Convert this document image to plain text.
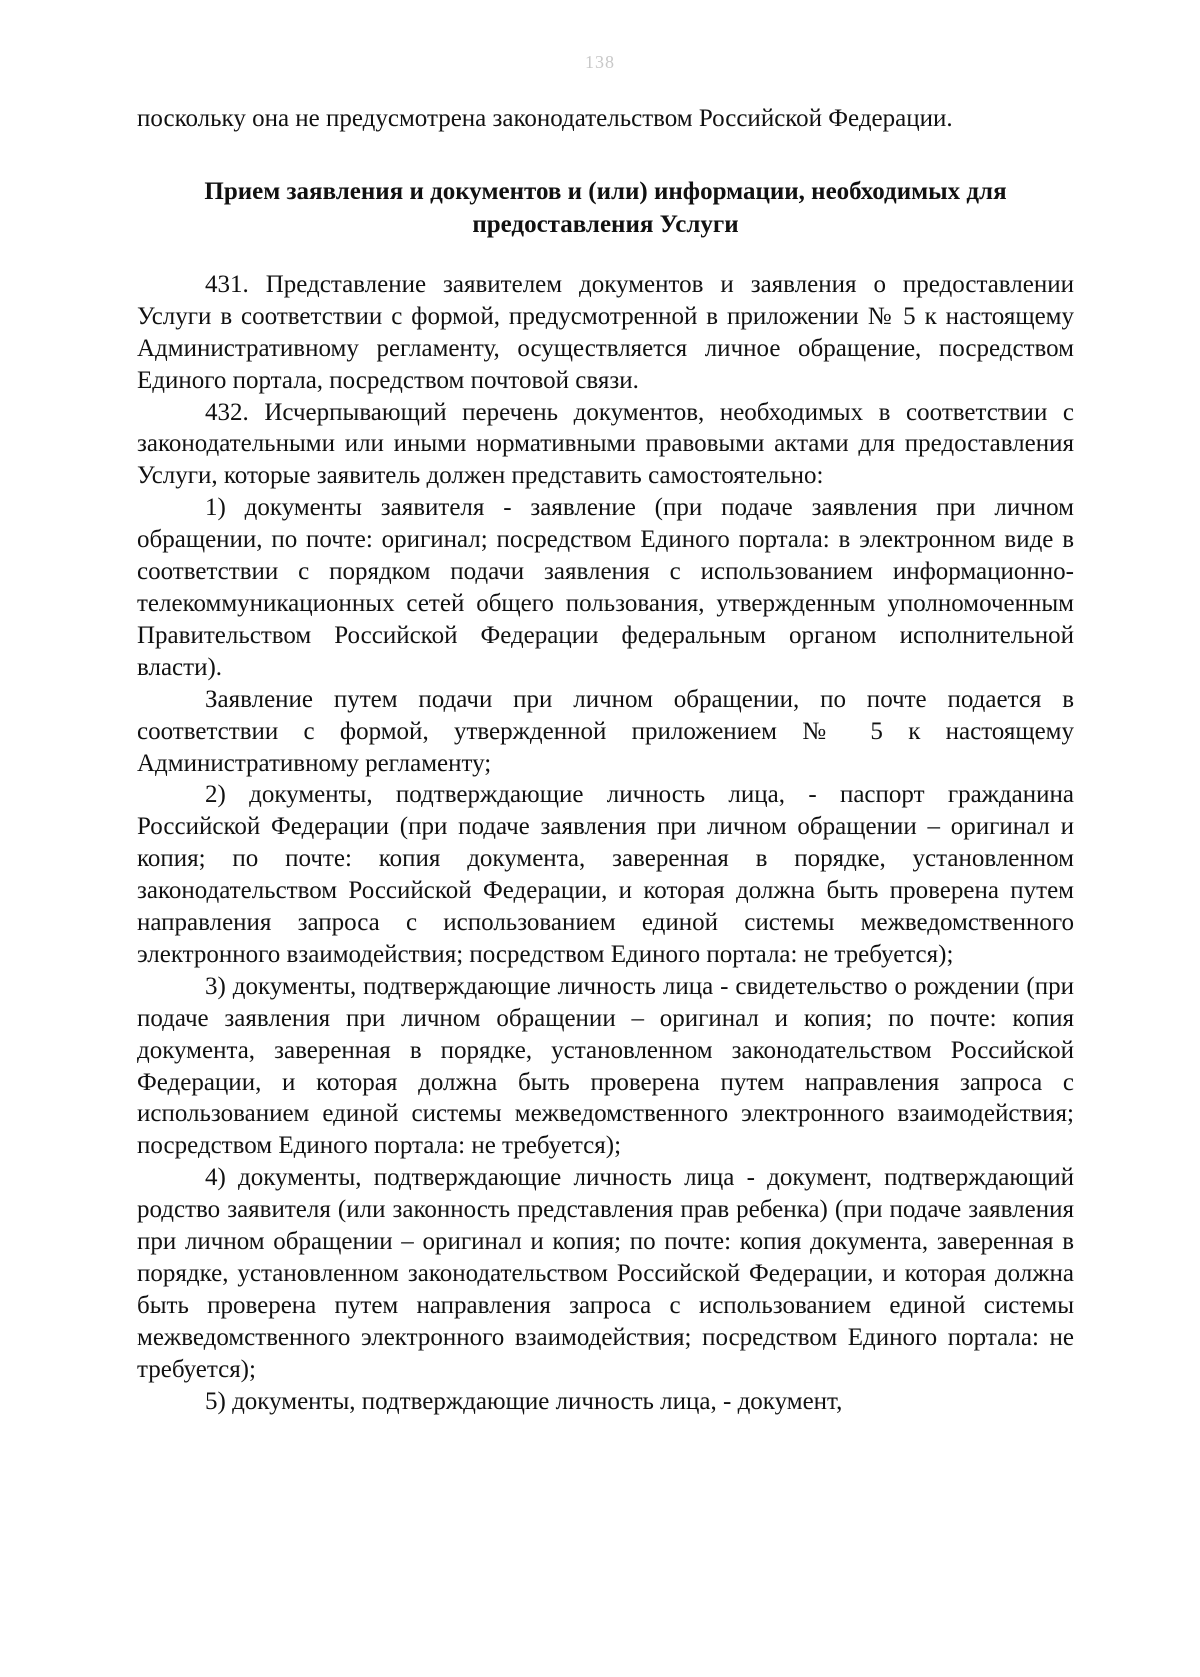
138

поскольку она не предусмотрена законодательством Российской Федерации.

Прием заявления и документов и (или) информации, необходимых для предоставления Услуги

431. Представление заявителем документов и заявления о предоставлении Услуги в соответствии с формой, предусмотренной в приложении № 5 к настоящему Административному регламенту, осуществляется личное обращение, посредством Единого портала, посредством почтовой связи.

432. Исчерпывающий перечень документов, необходимых в соответствии с законодательными или иными нормативными правовыми актами для предоставления Услуги, которые заявитель должен представить самостоятельно:

1) документы заявителя - заявление (при подаче заявления при личном обращении, по почте: оригинал; посредством Единого портала: в электронном виде в соответствии с порядком подачи заявления с использованием информационно-телекоммуникационных сетей общего пользования, утвержденным уполномоченным Правительством Российской Федерации федеральным органом исполнительной власти).

Заявление путем подачи при личном обращении, по почте подается в соответствии с формой, утвержденной приложением № 5 к настоящему Административному регламенту;

2) документы, подтверждающие личность лица, - паспорт гражданина Российской Федерации (при подаче заявления при личном обращении – оригинал и копия; по почте: копия документа, заверенная в порядке, установленном законодательством Российской Федерации, и которая должна быть проверена путем направления запроса с использованием единой системы межведомственного электронного взаимодействия; посредством Единого портала: не требуется);

3) документы, подтверждающие личность лица - свидетельство о рождении (при подаче заявления при личном обращении – оригинал и копия; по почте: копия документа, заверенная в порядке, установленном законодательством Российской Федерации, и которая должна быть проверена путем направления запроса с использованием единой системы межведомственного электронного взаимодействия; посредством Единого портала: не требуется);

4) документы, подтверждающие личность лица - документ, подтверждающий родство заявителя (или законность представления прав ребенка) (при подаче заявления при личном обращении – оригинал и копия; по почте: копия документа, заверенная в порядке, установленном законодательством Российской Федерации, и которая должна быть проверена путем направления запроса с использованием единой системы межведомственного электронного взаимодействия; посредством Единого портала: не требуется);

5) документы, подтверждающие личность лица, - документ,
